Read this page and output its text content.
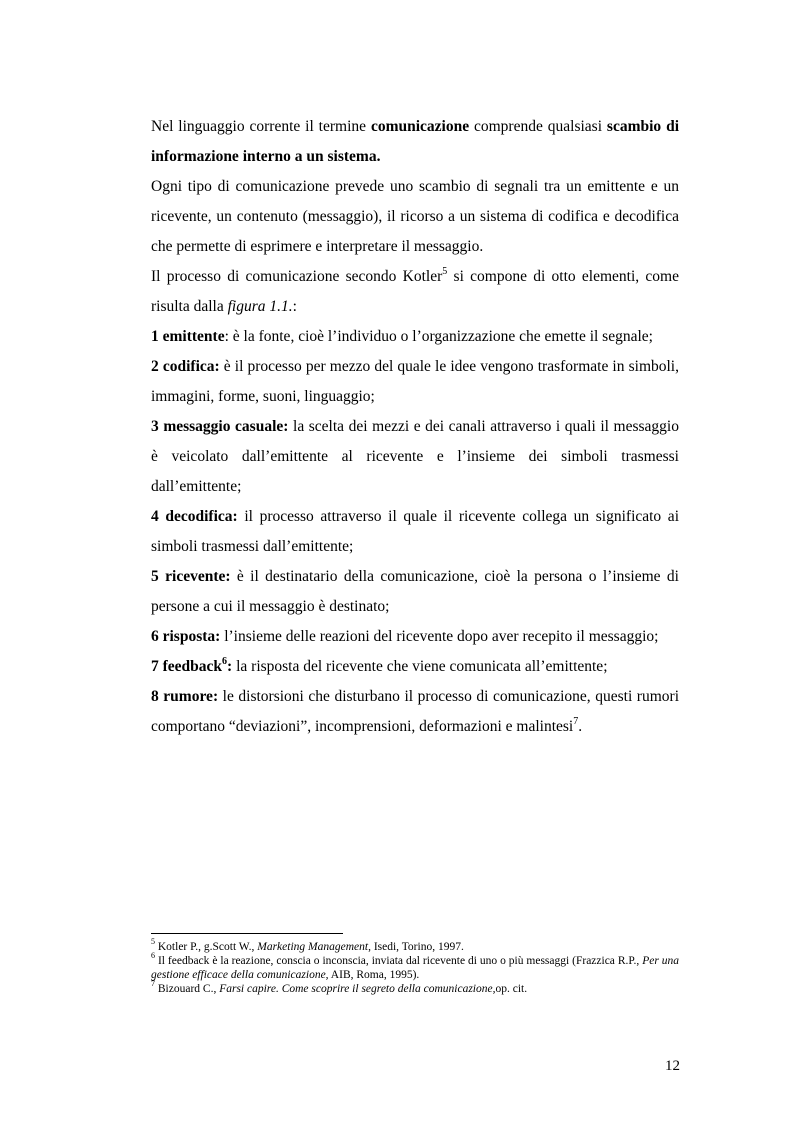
Nel linguaggio corrente il termine comunicazione comprende qualsiasi scambio di informazione interno a un sistema.

Ogni tipo di comunicazione prevede uno scambio di segnali tra un emittente e un ricevente, un contenuto (messaggio), il ricorso a un sistema di codifica e decodifica che permette di esprimere e interpretare il messaggio.

Il processo di comunicazione secondo Kotler$^5$ si compone di otto elementi, come risulta dalla figura 1.1.:

1 emittente: è la fonte, cioè l’individuo o l’organizzazione che emette il segnale;

2 codifica: è il processo per mezzo del quale le idee vengono trasformate in simboli, immagini, forme, suoni, linguaggio;

3 messaggio casuale: la scelta dei mezzi e dei canali attraverso i quali il messaggio è veicolato dall’emittente al ricevente e l’insieme dei simboli trasmessi dall’emittente;

4 decodifica: il processo attraverso il quale il ricevente collega un significato ai simboli trasmessi dall’emittente;

5 ricevente: è il destinatario della comunicazione, cioè la persona o l’insieme di persone a cui il messaggio è destinato;

6 risposta: l’insieme delle reazioni del ricevente dopo aver recepito il messaggio;

7 feedback$^6$: la risposta del ricevente che viene comunicata all’emittente;

8 rumore: le distorsioni che disturbano il processo di comunicazione, questi rumori comportano “deviazioni”, incomprensioni, deformazioni e malintesi$^7$.

$^5$ Kotler P., g.Scott W., Marketing Management, Isedi, Torino, 1997.

$^6$ Il feedback è la reazione, conscia o inconscia, inviata dal ricevente di uno o più messaggi (Frazzica R.P., Per una gestione efficace della comunicazione, AIB, Roma, 1995).

$^7$ Bizouard C., Farsi capire. Come scoprire il segreto della comunicazione,op. cit.

12
